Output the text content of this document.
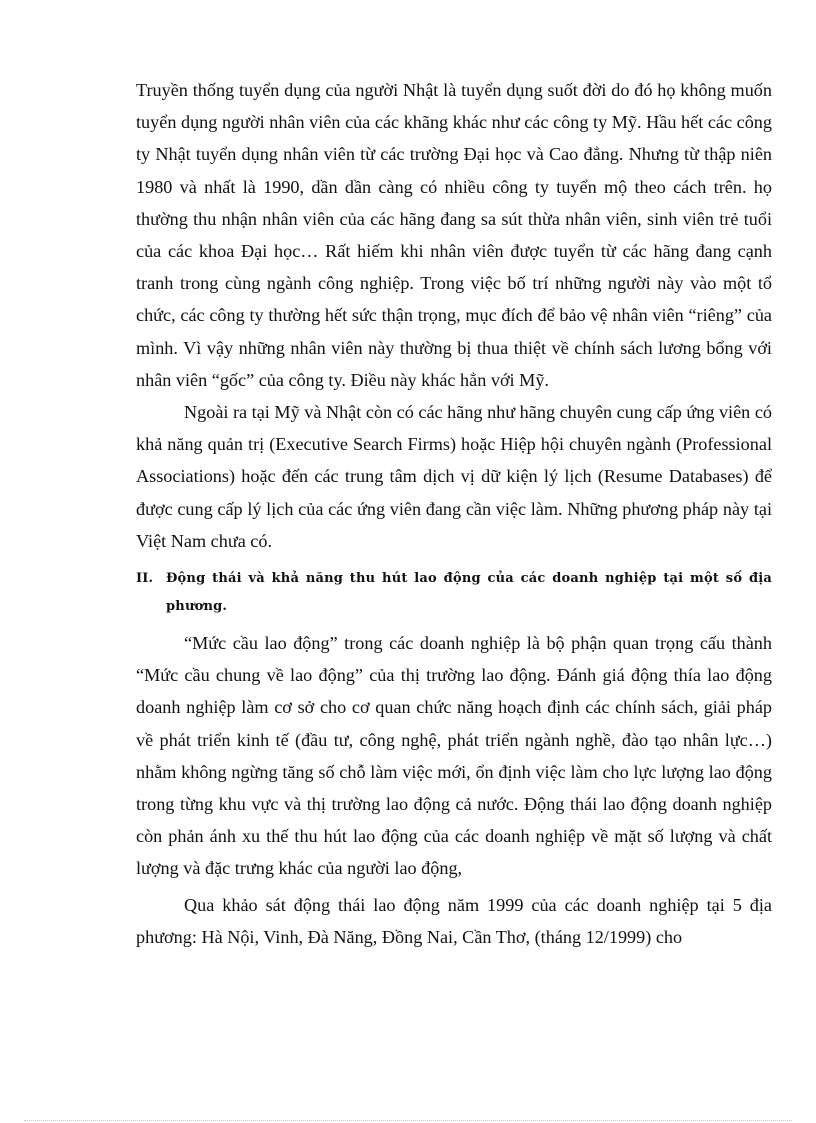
Truyền thống tuyển dụng của người Nhật là tuyển dụng suốt đời do đó họ không muốn tuyển dụng người nhân viên của các khãng khác như các công ty Mỹ. Hầu hết các công ty Nhật tuyển dụng nhân viên từ các trường Đại học và Cao đẳng. Nhưng từ thập niên 1980 và nhất là 1990, dần dần càng có nhiều công ty tuyển mộ theo cách trên. họ thường thu nhận nhân viên của các hãng đang sa sút thừa nhân viên, sinh viên trẻ tuổi của các khoa Đại học… Rất hiếm khi nhân viên được tuyển từ các hãng đang cạnh tranh trong cùng ngành công nghiệp. Trong việc bố trí những người này vào một tổ chức, các công ty thường hết sức thận trọng, mục đích để bảo vệ nhân viên “riêng” của mình. Vì vậy những nhân viên này thường bị thua thiệt về chính sách lương bổng với nhân viên “gốc” của công ty. Điều này khác hẳn với Mỹ.

Ngoài ra tại Mỹ và Nhật còn có các hãng như hãng chuyên cung cấp ứng viên có khả năng quản trị (Executive Search Firms) hoặc Hiệp hội chuyên ngành (Professional Associations) hoặc đến các trung tâm dịch vị dữ kiện lý lịch (Resume Databases) để được cung cấp lý lịch của các ứng viên đang cần việc làm. Những phương pháp này tại Việt Nam chưa có.

II. Động thái và khả năng thu hút lao động của các doanh nghiệp tại một số địa phương.

“Mức cầu lao động” trong các doanh nghiệp là bộ phận quan trọng cấu thành “Mức cầu chung về lao động” của thị trường lao động. Đánh giá động thía lao động doanh nghiệp làm cơ sở cho cơ quan chức năng hoạch định các chính sách, giải pháp về phát triển kinh tế (đầu tư, công nghệ, phát triển ngành nghề, đào tạo nhân lực…) nhằm không ngừng tăng số chỗ làm việc mới, ổn định việc làm cho lực lượng lao động trong từng khu vực và thị trường lao động cả nước. Động thái lao động doanh nghiệp còn phản ánh xu thế thu hút lao động của các doanh nghiệp về mặt số lượng và chất lượng và đặc trưng khác của người lao động,

Qua khảo sát động thái lao động năm 1999 của các doanh nghiệp tại 5 địa phương: Hà Nội, Vinh, Đà Năng, Đồng Nai, Cần Thơ, (tháng 12/1999) cho
